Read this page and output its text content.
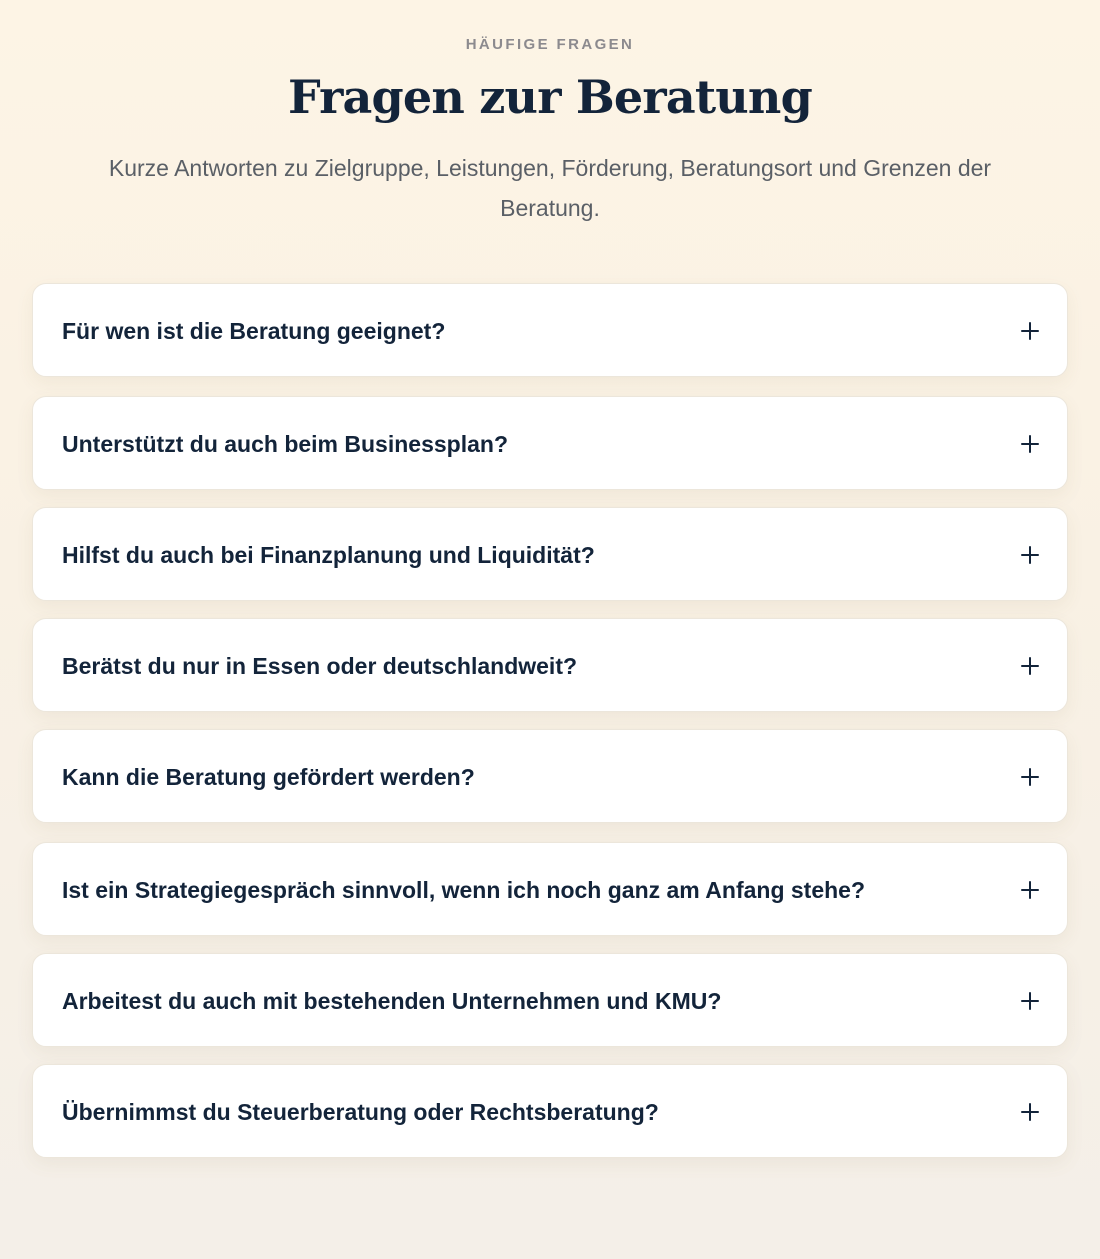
HÄUFIGE FRAGEN
Fragen zur Beratung

Kurze Antworten zu Zielgruppe, Leistungen, Förderung, Beratungsort und Grenzen der Beratung.

Für wen ist die Beratung geeignet?
Unterstützt du auch beim Businessplan?
Hilfst du auch bei Finanzplanung und Liquidität?
Berätst du nur in Essen oder deutschlandweit?
Kann die Beratung gefördert werden?
Ist ein Strategiegespräch sinnvoll, wenn ich noch ganz am Anfang stehe?
Arbeitest du auch mit bestehenden Unternehmen und KMU?
Übernimmst du Steuerberatung oder Rechtsberatung?
